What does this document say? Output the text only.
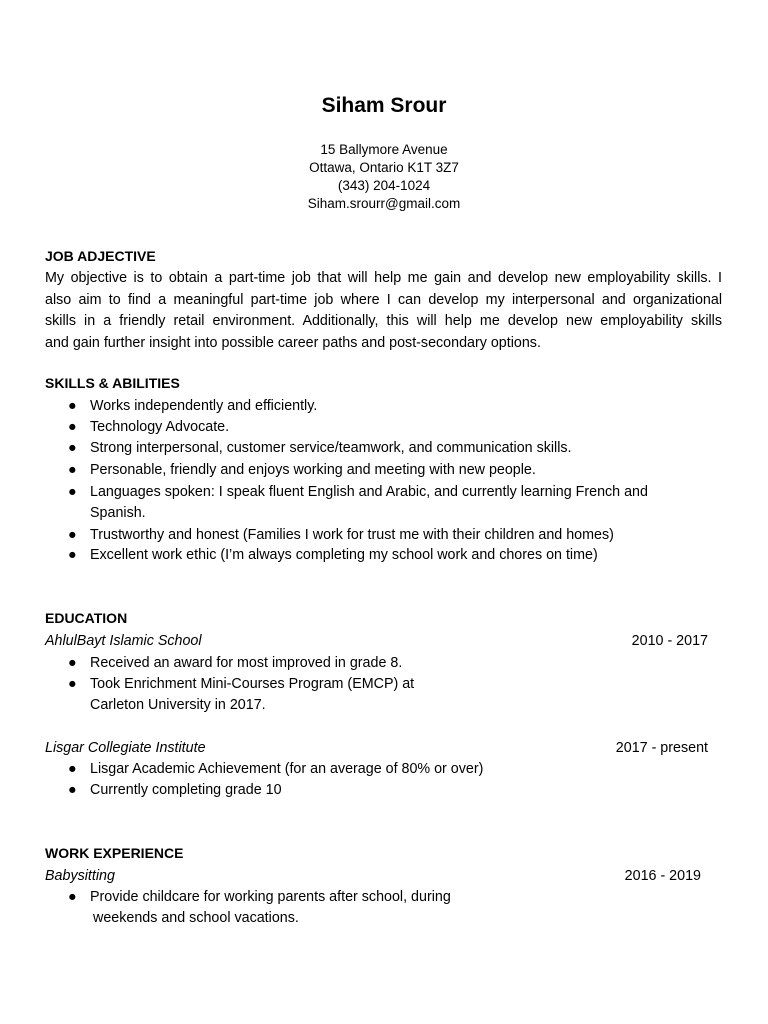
Siham Srour
15 Ballymore Avenue
Ottawa, Ontario K1T 3Z7
(343) 204-1024
Siham.srourr@gmail.com
JOB ADJECTIVE
My objective is to obtain a part-time job that will help me gain and develop new employability skills. I
also aim to find a meaningful part-time job where I can develop my interpersonal and organizational
skills in a friendly retail environment. Additionally, this will help me develop new employability skills
and gain further insight into possible career paths and post-secondary options.
SKILLS & ABILITIES
● Works independently and efficiently.
● Technology Advocate.
● Strong interpersonal, customer service/teamwork, and communication skills.
● Personable, friendly and enjoys working and meeting with new people.
● Languages spoken: I speak fluent English and Arabic, and currently learning French and
Spanish.
● Trustworthy and honest (Families I work for trust me with their children and homes)
● Excellent work ethic (I’m always completing my school work and chores on time)
EDUCATION
AhlulBayt Islamic School	2010 - 2017
● Received an award for most improved in grade 8.
● Took Enrichment Mini-Courses Program (EMCP) at
Carleton University in 2017.
Lisgar Collegiate Institute	2017 - present
● Lisgar Academic Achievement (for an average of 80% or over)
● Currently completing grade 10
WORK EXPERIENCE
Babysitting	2016 - 2019
● Provide childcare for working parents after school, during
weekends and school vacations.
